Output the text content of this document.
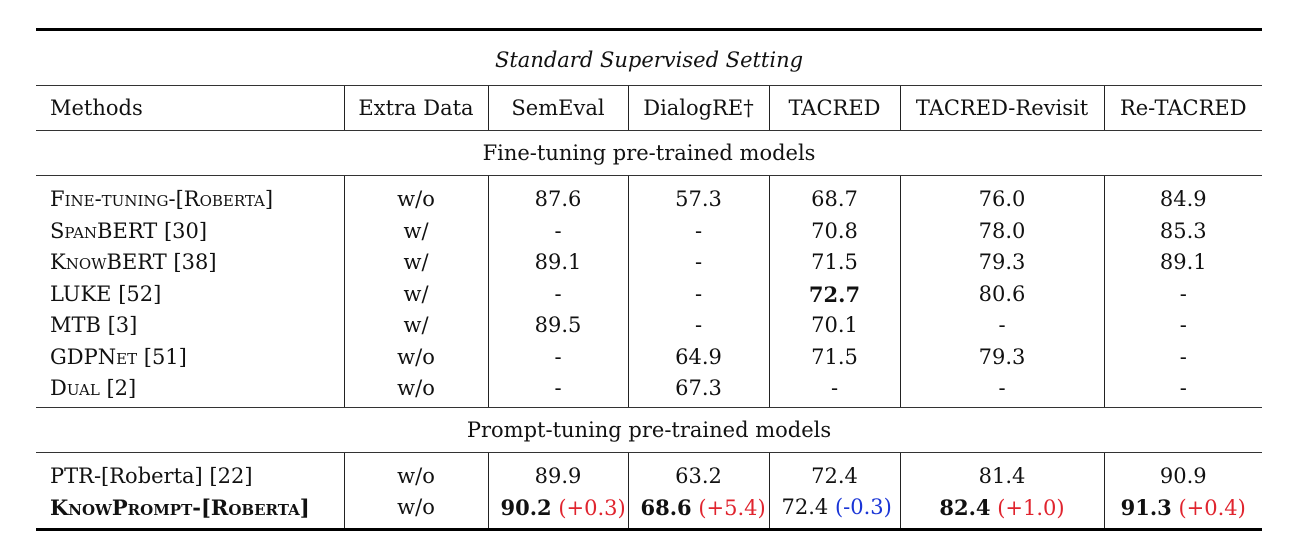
Standard Supervised Setting						
Methods	Extra Data	SemEval	DialogRE†	TACRED	TACRED-Revisit	Re-TACRED
Fine-tuning pre-trained models						

Fine-tuning-[Roberta]	w/o	87.6	57.3	68.7	76.0	84.9
SpanBERT [30]	w/	-	-	70.8	78.0	85.3
KnowBERT [38]	w/	89.1	-	71.5	79.3	89.1
LUKE [52]	w/	-	-	72.7	80.6	-
MTB [3]	w/	89.5	-	70.1	-	-
GDPNet [51]	w/o	-	64.9	71.5	79.3	-
Dual [2]	w/o	-	67.3	-	-	-

Prompt-tuning pre-trained models						

PTR-[Roberta] [22]	w/o	89.9	63.2	72.4	81.4	90.9
KnowPrompt-[Roberta]	w/o	90.2 (+0.3)	68.6 (+5.4)	72.4 (-0.3)	82.4 (+1.0)	91.3 (+0.4)
